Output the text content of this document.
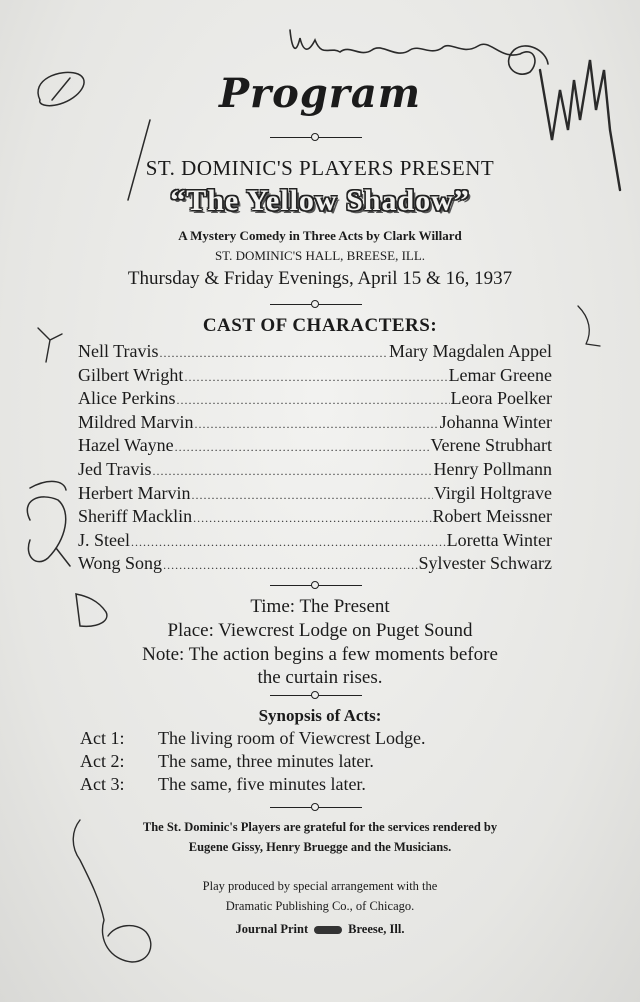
Program
ST. DOMINIC'S PLAYERS PRESENT
“The Yellow Shadow”
A Mystery Comedy in Three Acts by Clark Willard
ST. DOMINIC'S HALL, BREESE, ILL.
Thursday & Friday Evenings, April 15 & 16, 1937
CAST OF CHARACTERS:
Nell Travis .....	Mary Magdalen Appel
Gilbert Wright .....	Lemar Greene
Alice Perkins .....	Leora Poelker
Mildred Marvin .....	Johanna Winter
Hazel Wayne .....	Verene Strubhart
Jed Travis .....	Henry Pollmann
Herbert Marvin .....	Virgil Holtgrave
Sheriff Macklin .....	Robert Meissner
J. Steel .....	Loretta Winter
Wong Song .....	Sylvester Schwarz
Time: The Present
Place: Viewcrest Lodge on Puget Sound
Note: The action begins a few moments before
the curtain rises.
Synopsis of Acts:
Act 1: The living room of Viewcrest Lodge.
Act 2: The same, three minutes later.
Act 3: The same, five minutes later.
The St. Dominic's Players are grateful for the services rendered by
Eugene Gissy, Henry Bruegge and the Musicians.
Play produced by special arrangement with the
Dramatic Publishing Co., of Chicago.
Journal Print	Breese, Ill.
